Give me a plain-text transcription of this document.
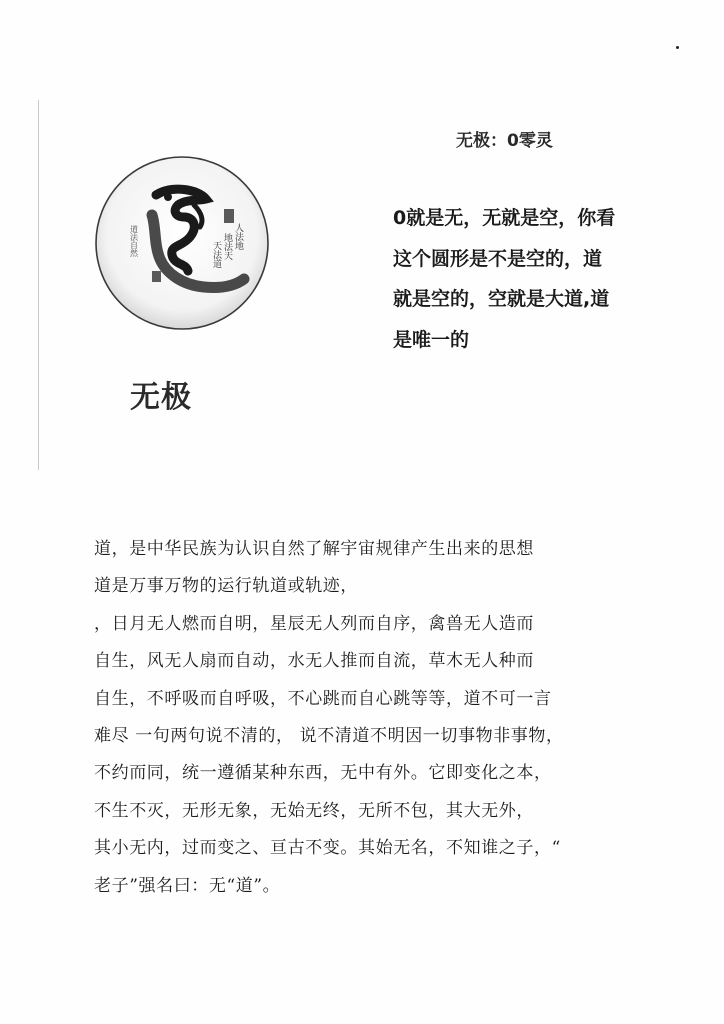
人法地
地法天
天法道
道法自然
无极
无极：0零灵

0就是无，无就是空，你看
这个圆形是不是空的，道
就是空的，空就是大道,道
是唯一的

道，是中华民族为认识自然了解宇宙规律产生出来的思想
道是万事万物的运行轨道或轨迹，
，日月无人燃而自明，星辰无人列而自序，禽兽无人造而
自生，风无人扇而自动，水无人推而自流，草木无人种而
自生，不呼吸而自呼吸，不心跳而自心跳等等，道不可一言
难尽 一句两句说不清的， 说不清道不明因一切事物非事物，
不约而同，统一遵循某种东西，无中有外。它即变化之本，
不生不灭，无形无象，无始无终，无所不包，其大无外，
其小无内，过而变之、亘古不变。其始无名，不知谁之子，“
老子”强名曰：无“道”。
